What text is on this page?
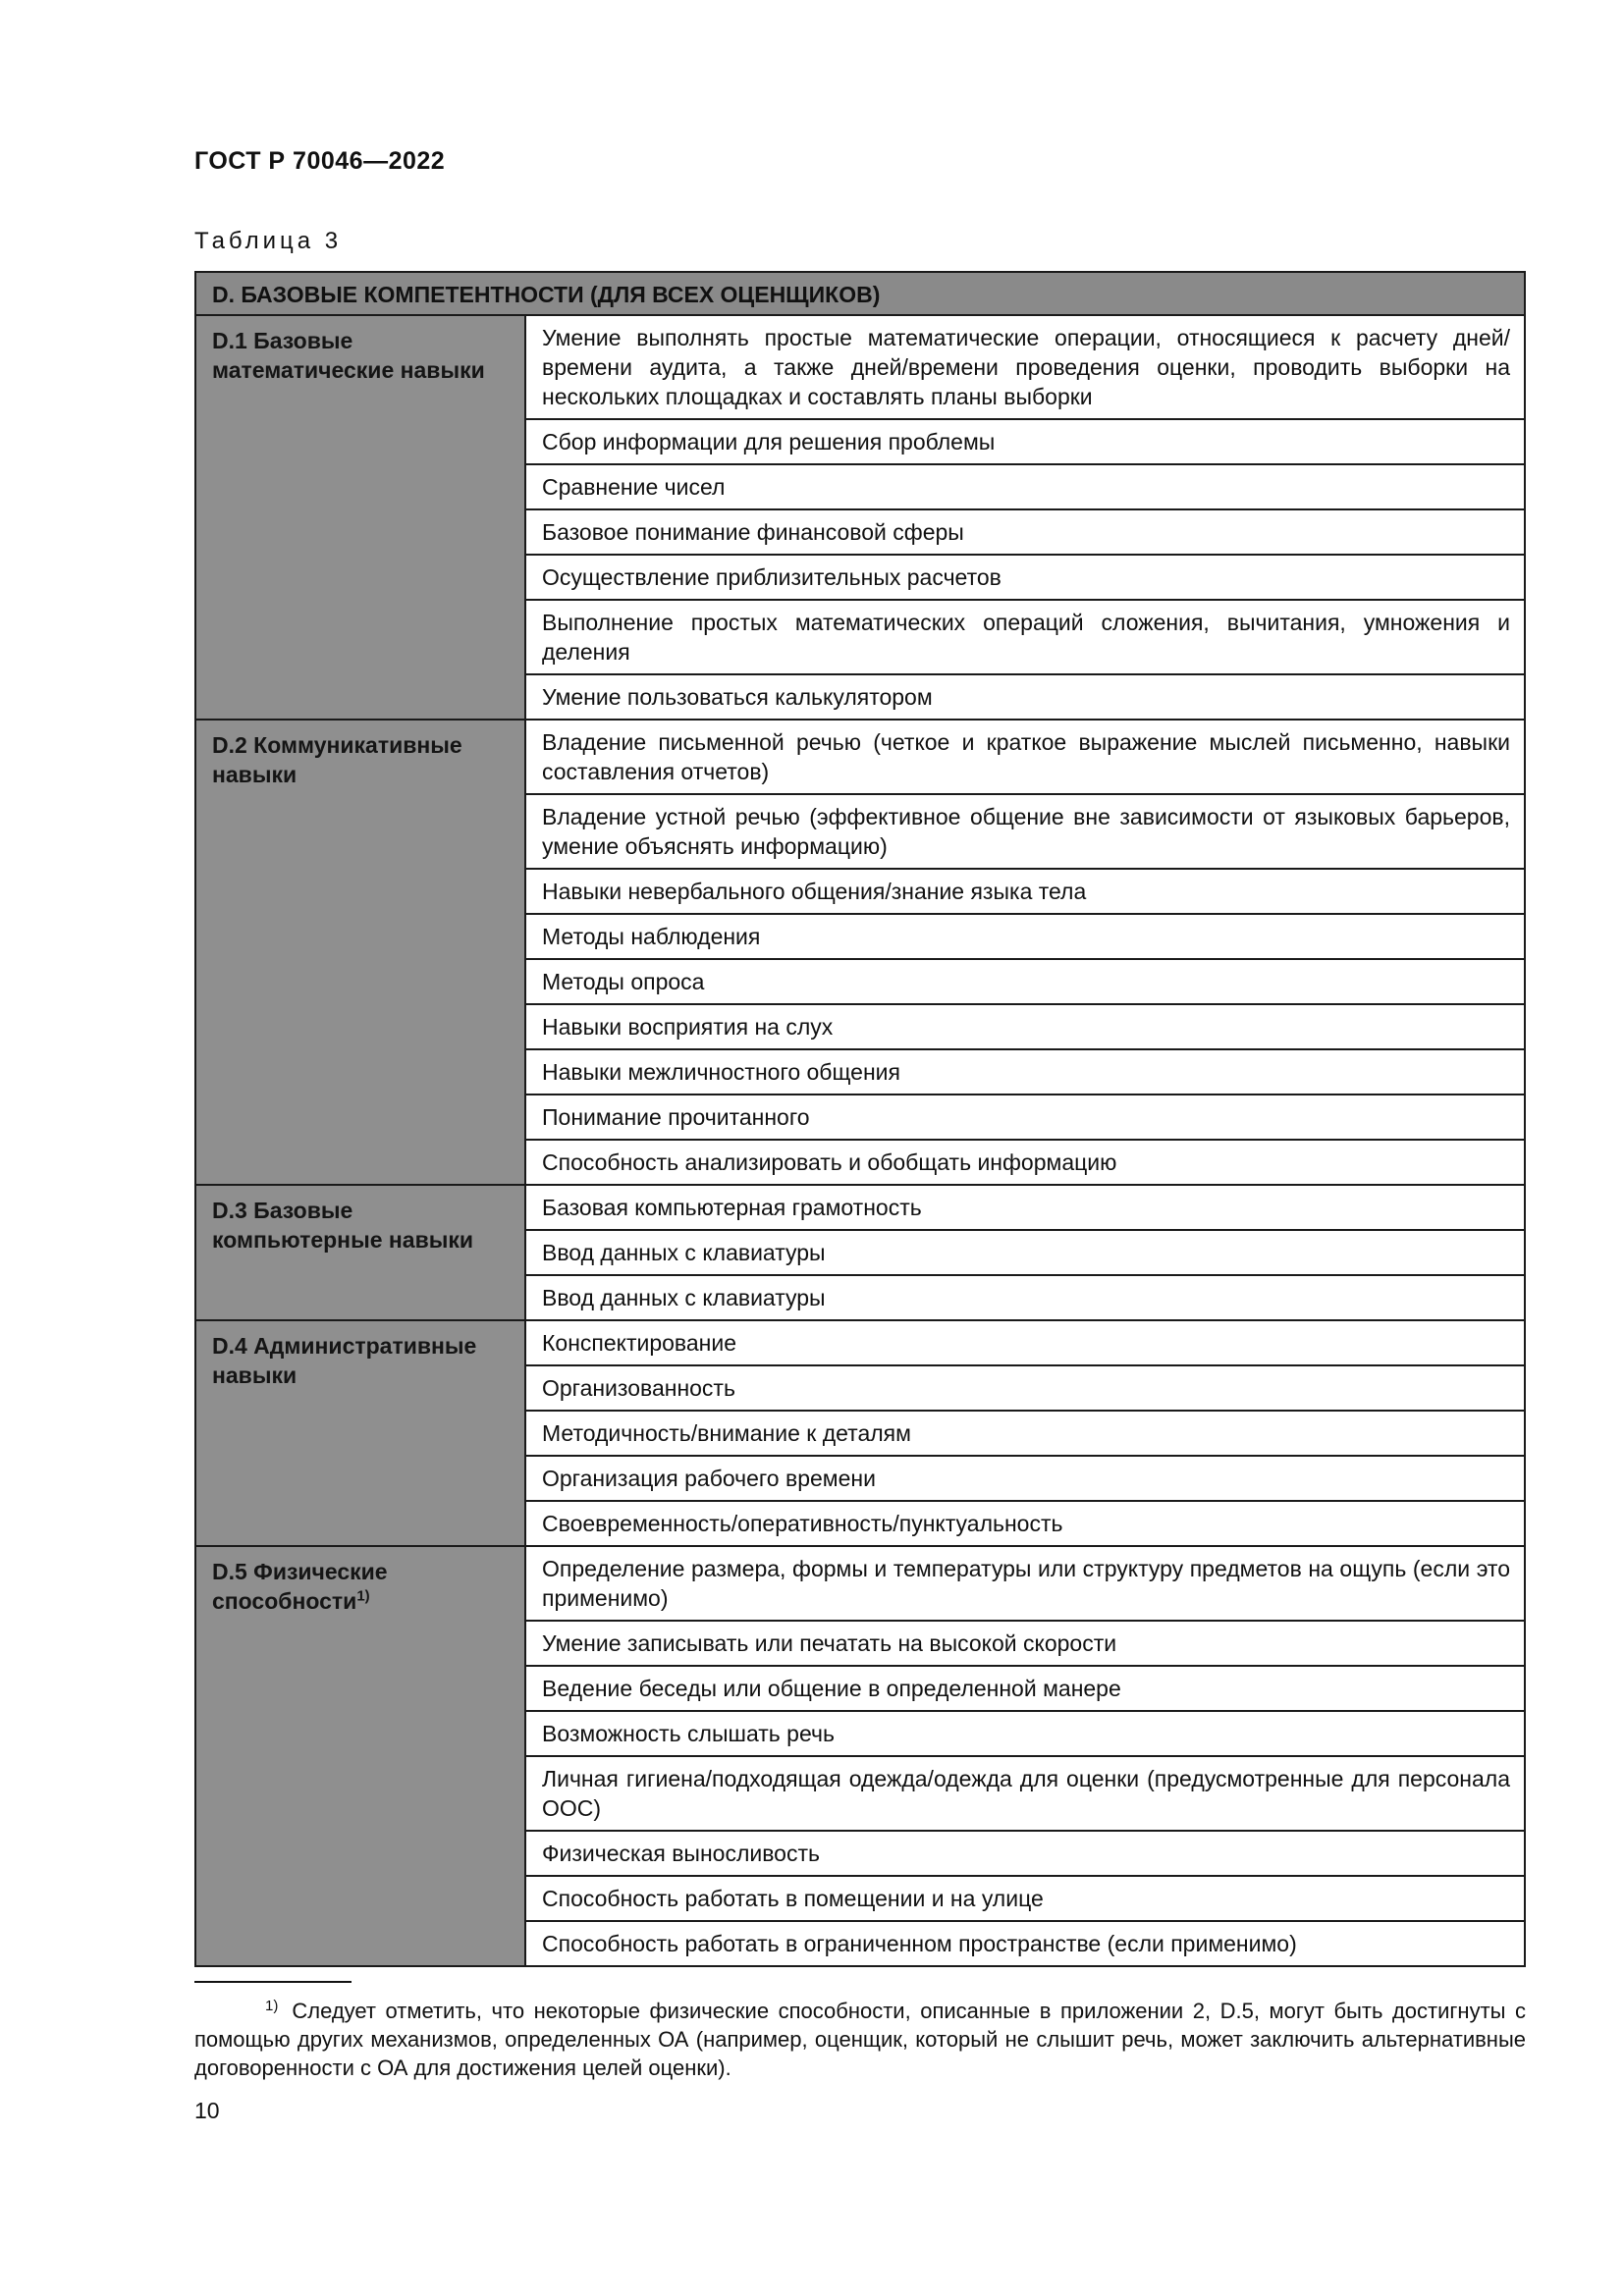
ГОСТ Р 70046—2022
Таблица 3
D. БАЗОВЫЕ КОМПЕТЕНТНОСТИ (ДЛЯ ВСЕХ ОЦЕНЩИКОВ)	
D.1 Базовые математические навыки	Умение выполнять простые математические операции, относящиеся к расчету дней/времени аудита, а также дней/времени проведения оценки, проводить выборки на нескольких площадках и составлять планы выборки
	Сбор информации для решения проблемы
	Сравнение чисел
	Базовое понимание финансовой сферы
	Осуществление приблизительных расчетов
	Выполнение простых математических операций сложения, вычитания, умножения и деления
	Умение пользоваться калькулятором
D.2 Коммуникативные навыки	Владение письменной речью (четкое и краткое выражение мыслей письменно, навыки составления отчетов)
	Владение устной речью (эффективное общение вне зависимости от языковых барьеров, умение объяснять информацию)
	Навыки невербального общения/знание языка тела
	Методы наблюдения
	Методы опроса
	Навыки восприятия на слух
	Навыки межличностного общения
	Понимание прочитанного
	Способность анализировать и обобщать информацию
D.3 Базовые компьютерные навыки	Базовая компьютерная грамотность
	Ввод данных с клавиатуры
	Ввод данных с клавиатуры
D.4 Административные навыки	Конспектирование
	Организованность
	Методичность/внимание к деталям
	Организация рабочего времени
	Своевременность/оперативность/пунктуальность
D.5 Физические способности$^{1)}$	Определение размера, формы и температуры или структуру предметов на ощупь (если это применимо)
	Умение записывать или печатать на высокой скорости
	Ведение беседы или общение в определенной манере
	Возможность слышать речь
	Личная гигиена/подходящая одежда/одежда для оценки (предусмотренные для персонала ООС)
	Физическая выносливость
	Способность работать в помещении и на улице
	Способность работать в ограниченном пространстве (если применимо)
$^{1)}$ Следует отметить, что некоторые физические способности, описанные в приложении 2, D.5, могут быть достигнуты с помощью других механизмов, определенных ОА (например, оценщик, который не слышит речь, может заключить альтернативные договоренности с ОА для достижения целей оценки).
10
